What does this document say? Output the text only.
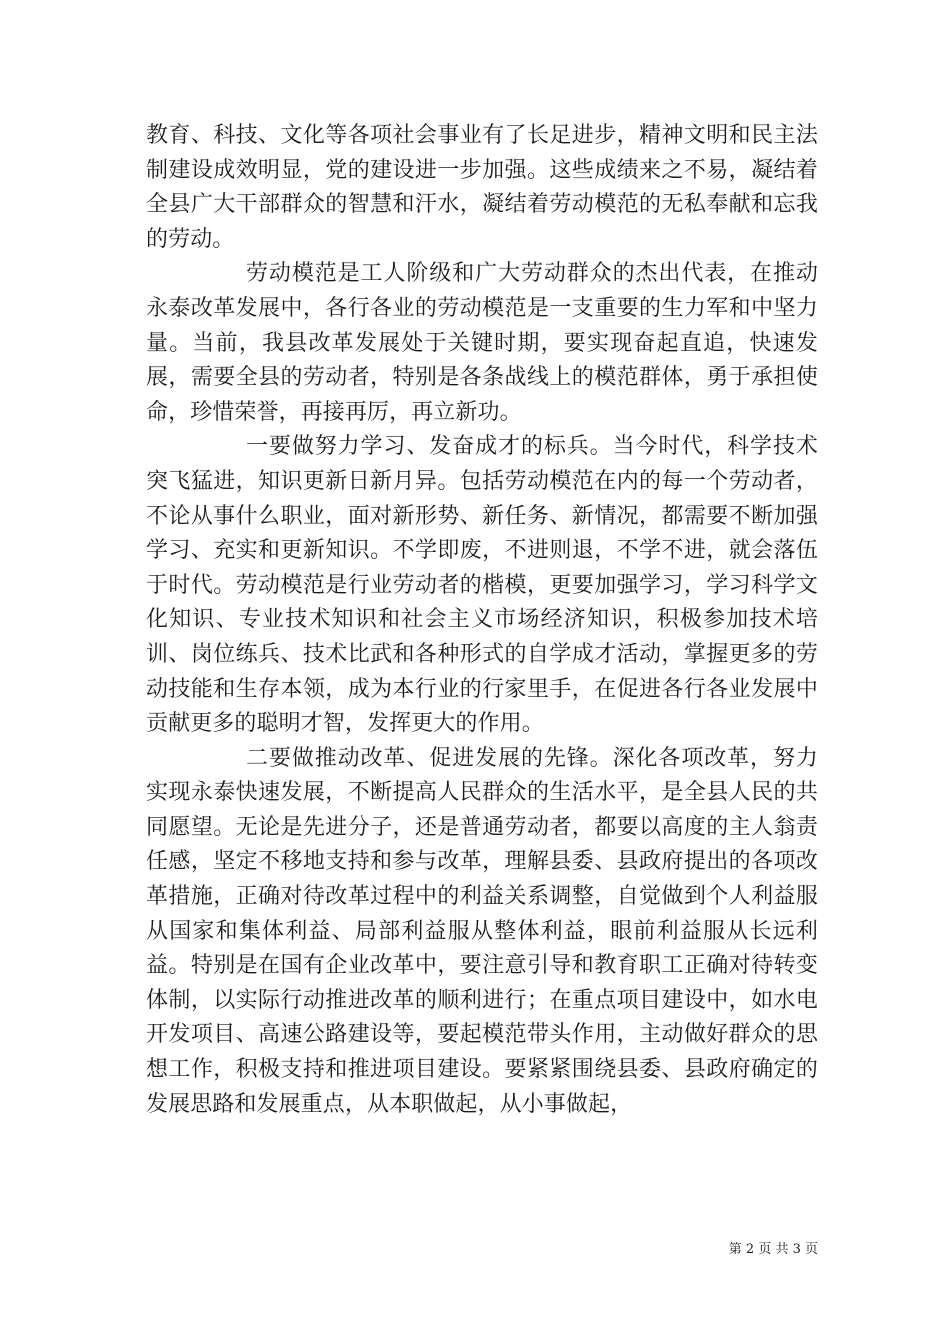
教育、科技、文化等各项社会事业有了长足进步，精神文明和民主法制建设成效明显，党的建设进一步加强。这些成绩来之不易，凝结着全县广大干部群众的智慧和汗水，凝结着劳动模范的无私奉献和忘我的劳动。

劳动模范是工人阶级和广大劳动群众的杰出代表，在推动永泰改革发展中，各行各业的劳动模范是一支重要的生力军和中坚力量。当前，我县改革发展处于关键时期，要实现奋起直追，快速发展，需要全县的劳动者，特别是各条战线上的模范群体，勇于承担使命，珍惜荣誉，再接再厉，再立新功。

一要做努力学习、发奋成才的标兵。当今时代，科学技术突飞猛进，知识更新日新月异。包括劳动模范在内的每一个劳动者，不论从事什么职业，面对新形势、新任务、新情况，都需要不断加强学习、充实和更新知识。不学即废，不进则退，不学不进，就会落伍于时代。劳动模范是行业劳动者的楷模，更要加强学习，学习科学文化知识、专业技术知识和社会主义市场经济知识，积极参加技术培训、岗位练兵、技术比武和各种形式的自学成才活动，掌握更多的劳动技能和生存本领，成为本行业的行家里手，在促进各行各业发展中贡献更多的聪明才智，发挥更大的作用。

二要做推动改革、促进发展的先锋。深化各项改革，努力实现永泰快速发展，不断提高人民群众的生活水平，是全县人民的共同愿望。无论是先进分子，还是普通劳动者，都要以高度的主人翁责任感，坚定不移地支持和参与改革，理解县委、县政府提出的各项改革措施，正确对待改革过程中的利益关系调整，自觉做到个人利益服从国家和集体利益、局部利益服从整体利益，眼前利益服从长远利益。特别是在国有企业改革中，要注意引导和教育职工正确对待转变体制，以实际行动推进改革的顺利进行；在重点项目建设中，如水电开发项目、高速公路建设等，要起模范带头作用，主动做好群众的思想工作，积极支持和推进项目建设。要紧紧围绕县委、县政府确定的发展思路和发展重点，从本职做起，从小事做起，

第 2 页 共 3 页
